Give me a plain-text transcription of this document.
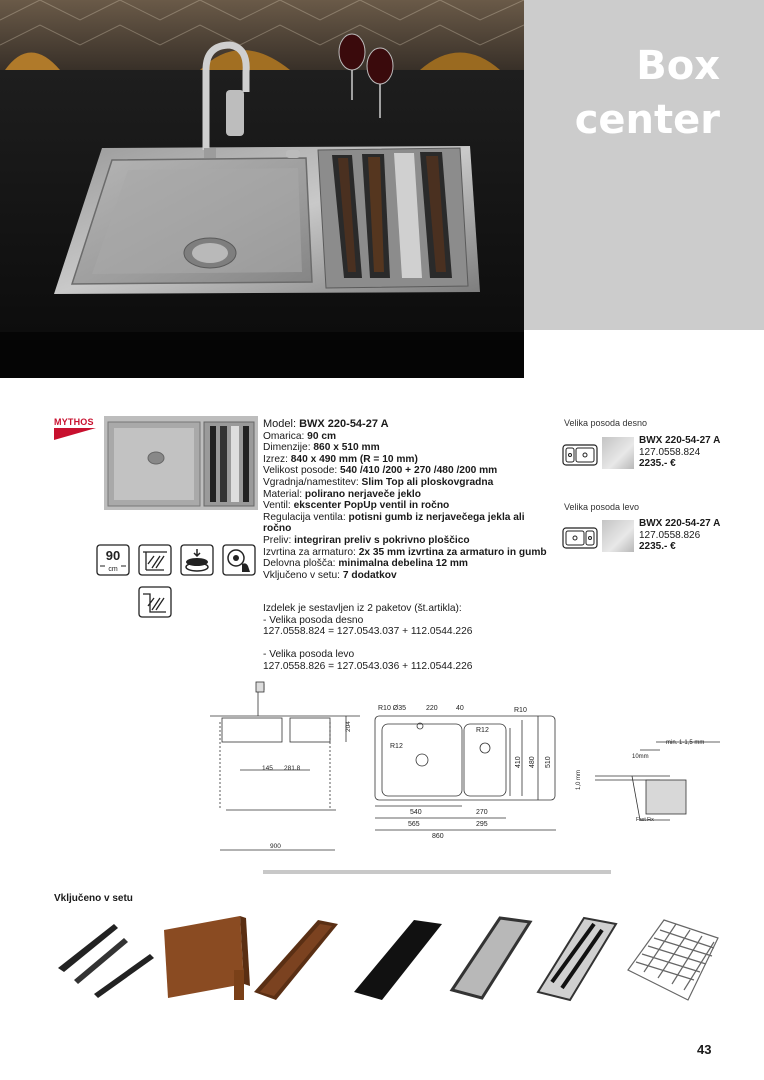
Box
center
MYTHOS
90
cm

Model: BWX 220-54-27 A

Omarica: 90 cm

Dimenzije: 860 x 510 mm

Izrez: 840 x 490 mm (R = 10 mm)

Velikost posode: 540 /410 /200 + 270 /480 /200 mm

Vgradnja/namestitev: Slim Top ali ploskovgradna

Material: polirano nerjaveče jeklo

Ventil: ekscenter PopUp ventil in ročno

Regulacija ventila: potisni gumb iz nerjavečega jekla ali ročno

Preliv: integriran preliv s pokrivno ploščico

Izvrtina za armaturo: 2x 35 mm izvrtina za armaturo in gumb

Delovna plošča: minimalna debelina 12 mm

Vključeno v setu: 7 dodatkov

Izdelek je sestavljen iz 2 paketov (št.artikla):
- Velika posoda desno
127.0558.824 = 127.0543.037 + 112.0544.226
- Velika posoda levo
127.0558.826 = 127.0543.036 + 112.0544.226
Velika posoda desno
BWX 220-54-27 A
127.0558.824
2235.- €
Velika posoda levo
BWX 220-54-27 A
127.0558.826
2235.- €
204
145 281.8
900
R10 Ø35	220	40	R10
R12
R12
410 480 510
540	270
565	295
860
min. 1-1,5 mm
10mm
1,0 mm
Fast Fix
Vključeno v setu
43
